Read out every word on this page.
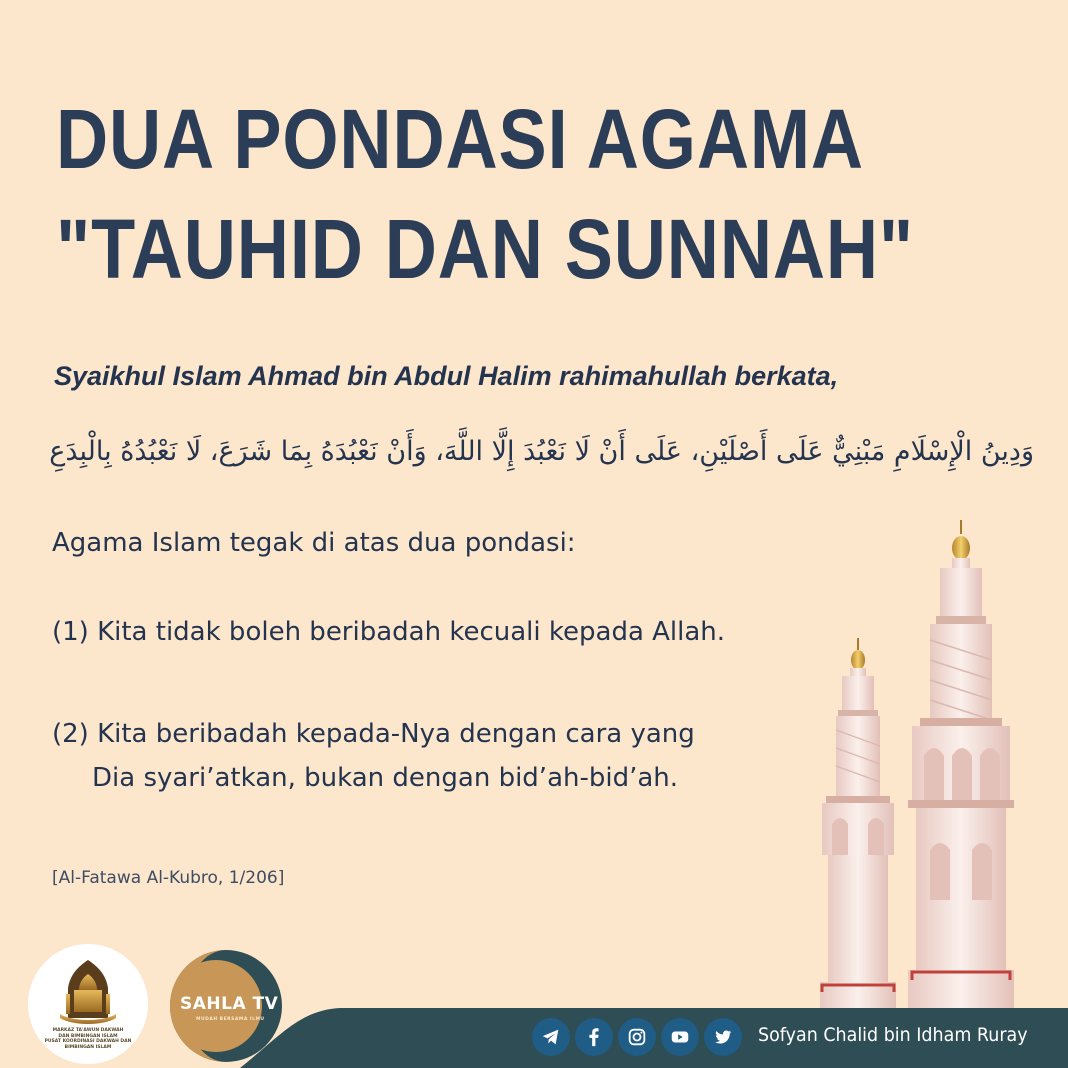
DUA PONDASI AGAMA
"TAUHID DAN SUNNAH"
Syaikhul Islam Ahmad bin Abdul Halim rahimahullah berkata,
وَدِينُ الْإِسْلَامِ مَبْنِيٌّ عَلَى أَصْلَيْنِ، عَلَى أَنْ لَا نَعْبُدَ إِلَّا اللَّهَ، وَأَنْ نَعْبُدَهُ بِمَا شَرَعَ، لَا نَعْبُدُهُ بِالْبِدَعِ
Agama Islam tegak di atas dua pondasi:
(1) Kita tidak boleh beribadah kecuali kepada Allah.
(2) Kita beribadah kepada-Nya dengan cara yang
Dia syari’atkan, bukan dengan bid’ah-bid’ah.
[Al-Fatawa Al-Kubro, 1/206]
Sofyan Chalid bin Idham Ruray
MARKAZ TA'AWUN DAKWAH
DAN BIMBINGAN ISLAM
PUSAT KOORDINASI DAKWAH DAN BIMBINGAN ISLAM
SAHLA TV
MUDAH BERSAMA ILMU
